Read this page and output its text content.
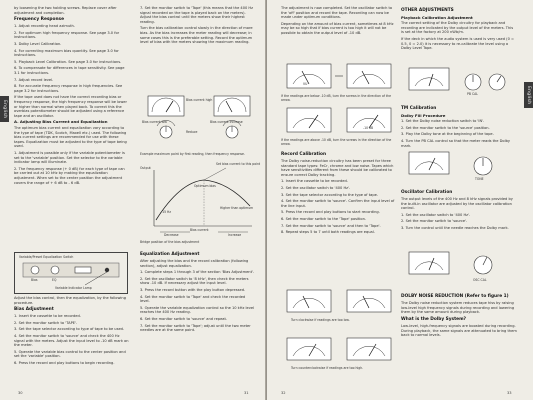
English

by loosening the two holding screws. Replace cover after adjustment and completion.

Frequency Response

1. Adjust recording head azimuth.

2. For optimum high frequency response. See page 3.0 for instructions.

3. Dolby Level Calibration.

4. For correcting maximum bias quantity. See page 3.0 for instructions.

5. Playback Level Calibration. See page 3.0 for instructions.

6. To compensate for differences in tape sensitivity. See page 3.1 for instructions.

7. Adjust record level.

8. For accurate frequency response in high frequencies. See page 3.2 for instructions.

If the tape used does not have the correct recording bias or frequency response, the high frequency response will be lower or higher than normal when played back. To correct this the overbias potentiometer should be adjusted using a reference tape and an oscillator.

A. Adjusting Bias Current and Equalization

The optimum bias current and equalization vary according to the type of tape (TDK, Scotch, Maxell etc.) used. The following bias current settings are recommended for use with these tapes. Equalization must be adjusted to the type of tape being used.

1. Adjustment is possible only if the variable potentiometer is set to the 'variable' position. Set the selector to the variable indicator lamp will illuminate.

2. The frequency response (+ 0 dB) for each type of tape can be carried out at 10 kHz by making the equalization adjustment. When set to the center position the adjustment covers the range of + 6 dB to - 6 dB.

Variable/Preset Equalization Switch
Bias	EQ
Variable Indicator Lamp

Adjust the bias control, then the equalization, by the following procedure.

Bias Adjustment

1. Insert the cassette to be recorded.

2. Set the monitor switch to 'TAPE'.

3. Set the tape selector according to type of tape to be used.

4. Set the monitor switch to 'source' and check the 400 Hz signal with the meters. Adjust the input level to -10 dB mark on the meter.

5. Operate the variable bias control to the center position and set the 'variable' position.

6. Press the record and play buttons to begin recording.

7. Set the monitor switch to 'Tape' (this means that the 400 Hz signal recorded on the tape is played back on the meters). Adjust the bias control until the meters show their highest reading.

Turn the bias calibration control slowly in the direction of more bias. As the bias increases the meter reading will decrease; in some cases this is the preferable setting. Record the optimum level of bias with the meters showing the maximum reading.

Bias current high
Bias current increase
Bias current low
Reduce
Example maximum point by first reading, then frequency response.
Set bias current to this point
Output
Optimum bias
- 15 Hz
Bias current
Higher than optimum
Decrease	Increase
Bridge position of the bias adjustment
Equalization Adjustment

After adjusting the bias and the record calibration (following section), adjust equalization.

1. Complete steps 1 through 3 of the section 'Bias Adjustment'.

2. Set the oscillator switch to '8 kHz', then check the meters show -10 dB. If necessary adjust the input level.

3. Press the record button with the play button depressed.

4. Set the monitor switch to 'Tape' and check the recorded level.

5. Operate the variable equalization control so the 10 kHz level reaches the 400 Hz reading.

6. Set the monitor switch to 'source' and repeat.

7. Set the monitor switch to 'Tape'; adjust until the two meter needles are at the same point.

30	31
English

The adjustment is now completed. Set the oscillator switch to the 'off' position and record the tape. Recording can now be made under optimum conditions.

Depending on the amount of bias current, sometimes at 8 kHz may be so high that if bias current is too high it will not be possible to obtain the output level of -10 dB.

VU
If the readings are below -10 dB, turn the screws in the direction of the arrow.
-10 dB
If the readings are above -10 dB, turn the screws in the direction of the arrow.
Record Calibration

The Dolby noise-reduction circuitry has been preset for three standard tape types: FeCr, chrome and low noise. Tapes which have sensitivities different from these should be calibrated to ensure correct Dolby tracking.

1. Insert the cassette to be recorded.

2. Set the oscillator switch to '400 Hz'.

3. Set the tape selector according to the type of tape.

4. Set the monitor switch to 'source'. Confirm the input level of the line input.

5. Press the record and play buttons to start recording.

6. Set the monitor switch to the 'Tape' position.

7. Set the monitor switch to 'source' and then to 'Tape'.

8. Repeat steps 5 to 7 until both readings are equal.

Turn clockwise if readings are too low.
Turn counterclockwise if readings are too high.
OTHER ADJUSTMENTS
Playback Calibration Adjustment

The correct setting of the Dolby circuitry for playback and recording are indicated by the output level of the meters. This is set at the factory at 200 nWb/m.

If the deck in which the audio system is used is very used (0 = 0.5, 0 = 2.0) it is necessary to re-calibrate the level using a Dolby Level Tape.

PB CAL
TM Calibration
Dolby Fill Procedure

1. Set the Dolby noise reduction switch to 'IN'.

2. Set the monitor switch to the 'source' position.

3. Play the Dolby tone at the beginning of the tape.

4. Turn the PB CAL control so that the meter reads the Dolby mark.

TONE
Oscillator Calibration

The output levels of the 400 Hz and 8 kHz signals provided by the built-in oscillator are adjusted by the oscillator calibration control.

1. Set the oscillator switch to '400 Hz'.

2. Set the monitor switch to 'source'.

3. Turn the control until the needle reaches the Dolby mark.

OSC CAL
DOLBY NOISE REDUCTION (Refer to figure 1)

The Dolby noise reduction system reduces tape hiss by raising low-level high frequency signals during recording and lowering them by the same amount during playback.

What is the Dolby System?

Low-level, high-frequency signals are boosted during recording. During playback, the same signals are attenuated to bring them back to normal levels.

32	33
